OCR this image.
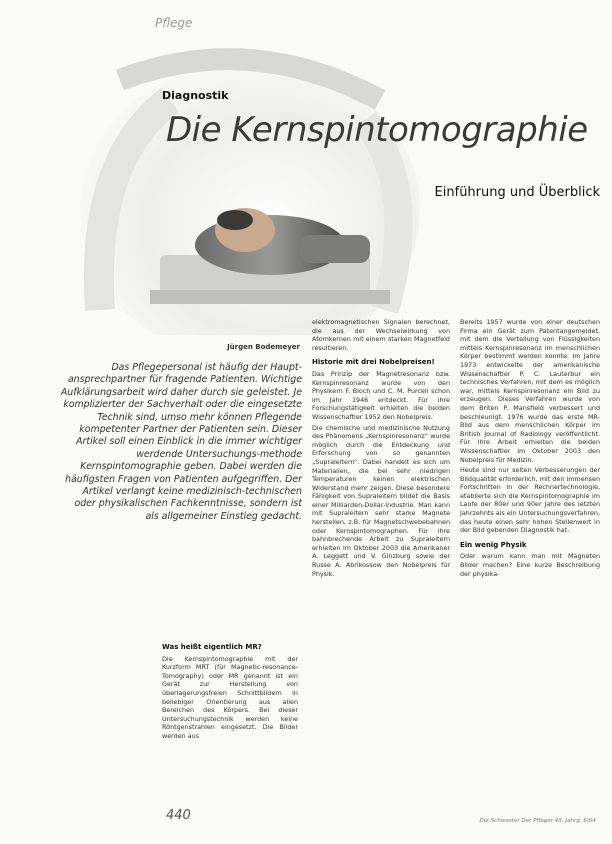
Pflege
Diagnostik
Die Kernspintomographie
Einführung und Überblick
Jürgen Bodemeyer
Das Pflegepersonal ist häufig der Haupt-ansprechpartner für fragende Patienten. Wichtige Aufklärungsarbeit wird daher durch sie geleistet. Je komplizierter der Sachverhalt oder die eingesetzte Technik sind, umso mehr können Pflegende kompetenter Partner der Patienten sein. Dieser Artikel soll einen Einblick in die immer wichtiger werdende Untersuchungs-methode Kernspintomographie geben. Dabei werden die häufigsten Fragen von Patienten aufgegriffen. Der Artikel verlangt keine medizinisch-technischen oder physikalischen Fachkenntnisse, sondern ist als allgemeiner Einstieg gedacht.
Was heißt eigentlich MR?

Die Kernspintomographie mit der Kurzform MRT (für Magnetic-resonance-Tomography) oder MR genannt ist ein Gerät zur Herstellung von überlagerungsfreien Schnittbildern in beliebiger Orientierung aus allen Bereichen des Körpers. Bei dieser Untersuchungstechnik werden keine Röntgenstrahlen eingesetzt. Die Bilder werden aus

elektromagnetischen Signalen berechnet, die aus der Wechselwirkung von Atomkernen mit einem starken Magnetfeld resultieren.

Historie mit drei Nobelpreisen!

Das Prinzip der Magnetresonanz bzw. Kernspinresonanz wurde von den Physikern F. Bloch und C. M. Purcell schon im Jahr 1946 entdeckt. Für ihre Forschungstätigkeit erhielten die beiden Wissenschaftler 1952 den Nobelpreis.

Die chemische und medizinische Nutzung des Phänomens „Kernspinresonanz“ wurde möglich durch die Entdeckung und Erforschung von so genannten „Supraleitern“. Dabei handelt es sich um Materialien, die bei sehr niedrigen Temperaturen keinen elektrischen Widerstand mehr zeigen. Diese besondere Fähigkeit von Supraleitern bildet die Basis einer Milliarden-Dollar-Industrie. Man kann mit Supraleitern sehr starke Magnete herstellen, z.B. für Magnetschwebebahnen oder Kernspintomographen. Für ihre bahnbrechende Arbeit zu Supraleitern erhielten im Oktober 2003 die Amerikaner A. Leggett und V. Ginzburg sowie der Russe A. Abrikossow den Nobelpreis für Physik.

Bereits 1957 wurde von einer deutschen Firma ein Gerät zum Patentangemeldet, mit dem die Verteilung von Flüssigkeiten mittels Kernspinresonanz im menschlichen Körper bestimmt werden konnte. Im Jahre 1973 entwickelte der amerikanische Wissenschaftler P. C. Lauterbur ein technisches Verfahren, mit dem es möglich war, mittels Kernspinresonanz ein Bild zu erzeugen. Dieses Verfahren wurde von dem Briten P. Mansfield verbessert und beschleunigt. 1976 wurde das erste MR-Bild aus dem menschlichen Körper im British Journal of Radiology veröffentlicht. Für ihre Arbeit erhielten die beiden Wissenschaftler im Oktober 2003 den Nobelpreis für Medizin.

Heute sind nur selten Verbesserungen der Bildqualität erforderlich, mit den immensen Fortschritten in der Rechnertechnologie, etablierte sich die Kernspintomographie im Laufe der 80er und 90er Jahre des letzten Jahrzehnts als ein Untersuchungsverfahren, das heute einen sehr hohen Stellenwert in der Bild gebenden Diagnostik hat.

Ein wenig Physik

Oder warum kann man mit Magneten Bilder machen? Eine kurze Beschreibung der physika-

440	Die Schwester Der Pfleger 43. Jahrg. 6/04
